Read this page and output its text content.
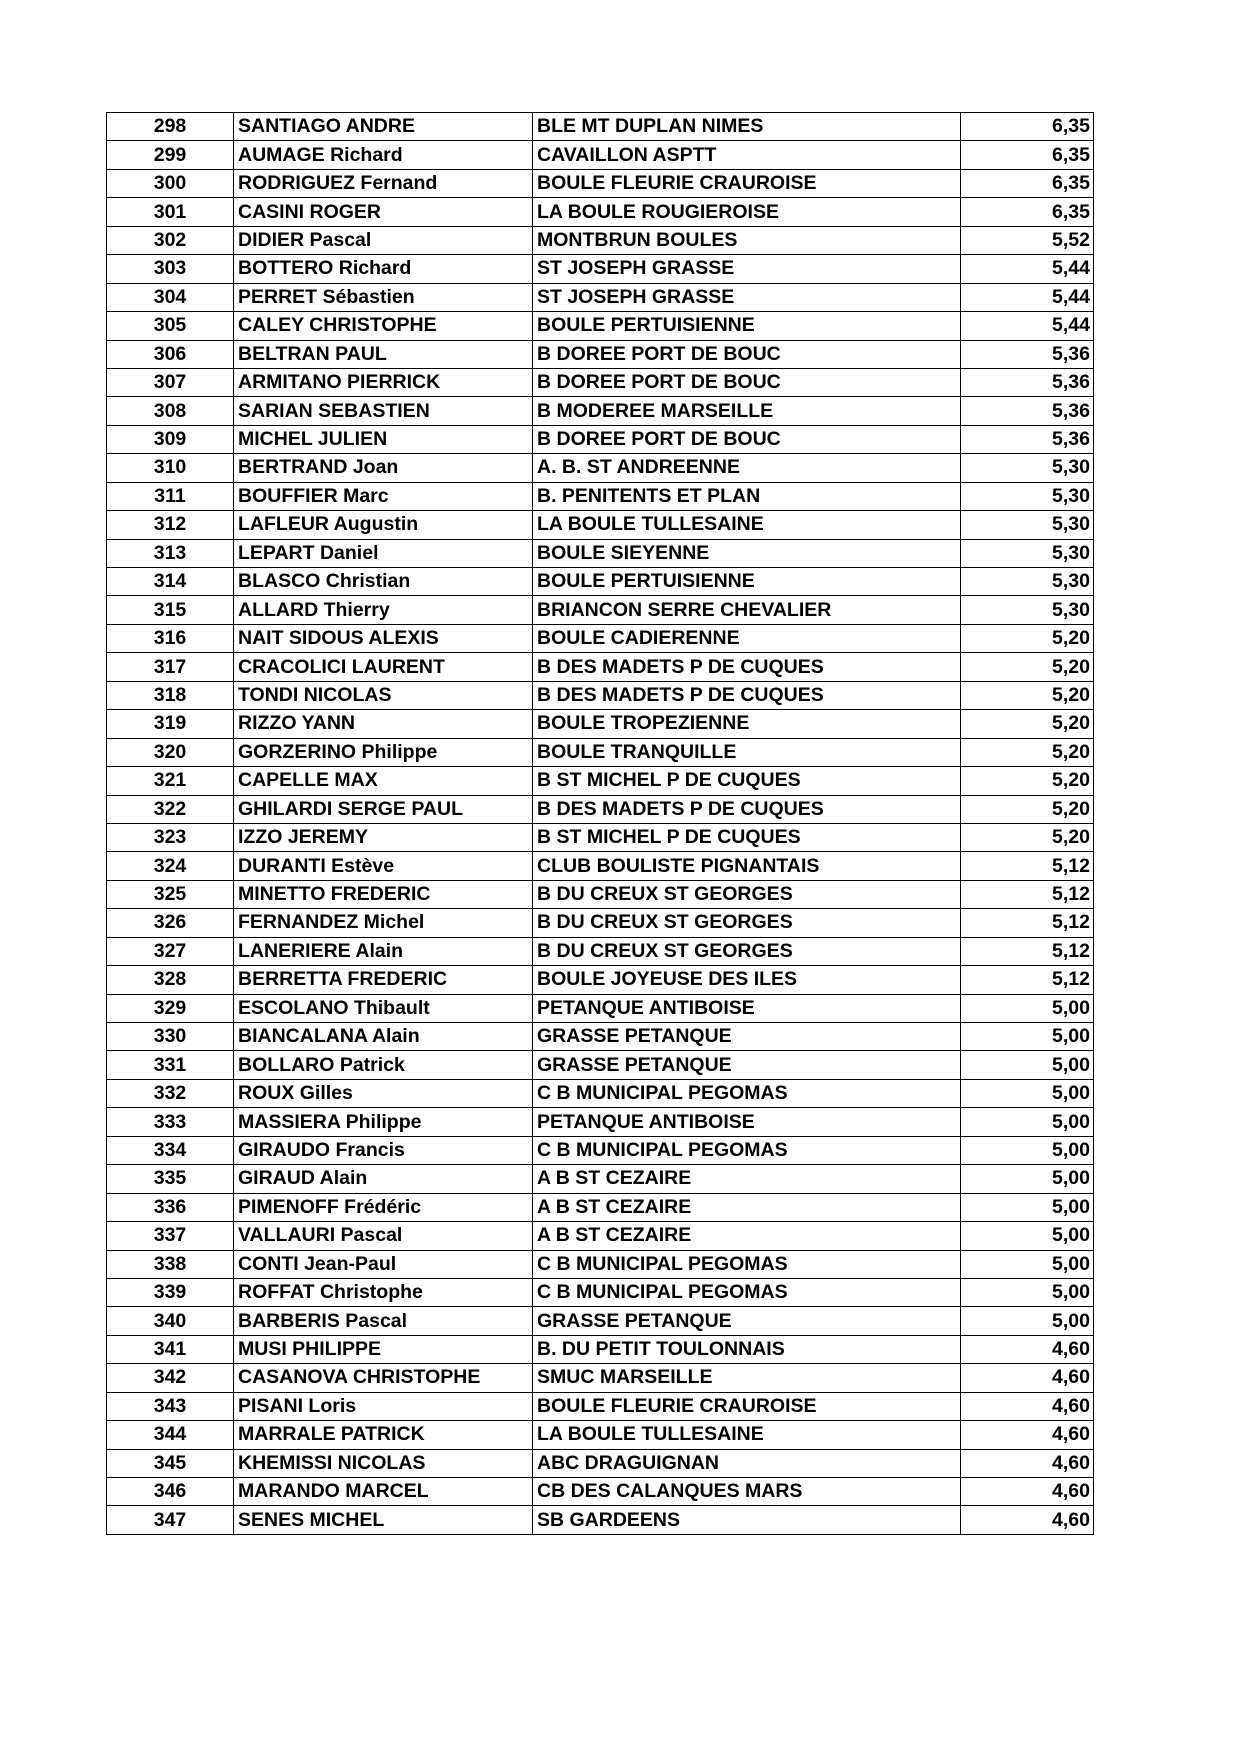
298	SANTIAGO ANDRE	BLE MT DUPLAN NIMES	6,35
299	AUMAGE Richard	CAVAILLON ASPTT	6,35
300	RODRIGUEZ Fernand	BOULE FLEURIE CRAUROISE	6,35
301	CASINI ROGER	LA BOULE ROUGIEROISE	6,35
302	DIDIER Pascal	MONTBRUN BOULES	5,52
303	BOTTERO Richard	ST JOSEPH GRASSE	5,44
304	PERRET Sébastien	ST JOSEPH GRASSE	5,44
305	CALEY CHRISTOPHE	BOULE PERTUISIENNE	5,44
306	BELTRAN PAUL	B DOREE PORT DE BOUC	5,36
307	ARMITANO PIERRICK	B DOREE PORT DE BOUC	5,36
308	SARIAN SEBASTIEN	B MODEREE MARSEILLE	5,36
309	MICHEL JULIEN	B DOREE PORT DE BOUC	5,36
310	BERTRAND Joan	A. B. ST ANDREENNE	5,30
311	BOUFFIER Marc	B. PENITENTS ET PLAN	5,30
312	LAFLEUR Augustin	LA BOULE TULLESAINE	5,30
313	LEPART Daniel	BOULE SIEYENNE	5,30
314	BLASCO Christian	BOULE PERTUISIENNE	5,30
315	ALLARD Thierry	BRIANCON SERRE CHEVALIER	5,30
316	NAIT SIDOUS ALEXIS	BOULE CADIERENNE	5,20
317	CRACOLICI LAURENT	B DES MADETS P DE CUQUES	5,20
318	TONDI NICOLAS	B DES MADETS P DE CUQUES	5,20
319	RIZZO YANN	BOULE TROPEZIENNE	5,20
320	GORZERINO Philippe	BOULE TRANQUILLE	5,20
321	CAPELLE MAX	B ST MICHEL P DE CUQUES	5,20
322	GHILARDI SERGE PAUL	B DES MADETS P DE CUQUES	5,20
323	IZZO JEREMY	B ST MICHEL P DE CUQUES	5,20
324	DURANTI Estève	CLUB BOULISTE PIGNANTAIS	5,12
325	MINETTO FREDERIC	B DU CREUX ST GEORGES	5,12
326	FERNANDEZ Michel	B DU CREUX ST GEORGES	5,12
327	LANERIERE Alain	B DU CREUX ST GEORGES	5,12
328	BERRETTA FREDERIC	BOULE JOYEUSE DES ILES	5,12
329	ESCOLANO Thibault	PETANQUE ANTIBOISE	5,00
330	BIANCALANA Alain	GRASSE PETANQUE	5,00
331	BOLLARO Patrick	GRASSE PETANQUE	5,00
332	ROUX Gilles	C B MUNICIPAL PEGOMAS	5,00
333	MASSIERA Philippe	PETANQUE ANTIBOISE	5,00
334	GIRAUDO Francis	C B MUNICIPAL PEGOMAS	5,00
335	GIRAUD Alain	A B ST CEZAIRE	5,00
336	PIMENOFF Frédéric	A B ST CEZAIRE	5,00
337	VALLAURI Pascal	A B ST CEZAIRE	5,00
338	CONTI Jean-Paul	C B MUNICIPAL PEGOMAS	5,00
339	ROFFAT Christophe	C B MUNICIPAL PEGOMAS	5,00
340	BARBERIS Pascal	GRASSE PETANQUE	5,00
341	MUSI PHILIPPE	B. DU PETIT TOULONNAIS	4,60
342	CASANOVA CHRISTOPHE	SMUC MARSEILLE	4,60
343	PISANI Loris	BOULE FLEURIE CRAUROISE	4,60
344	MARRALE PATRICK	LA BOULE TULLESAINE	4,60
345	KHEMISSI NICOLAS	ABC DRAGUIGNAN	4,60
346	MARANDO MARCEL	CB DES CALANQUES MARS	4,60
347	SENES MICHEL	SB GARDEENS	4,60
